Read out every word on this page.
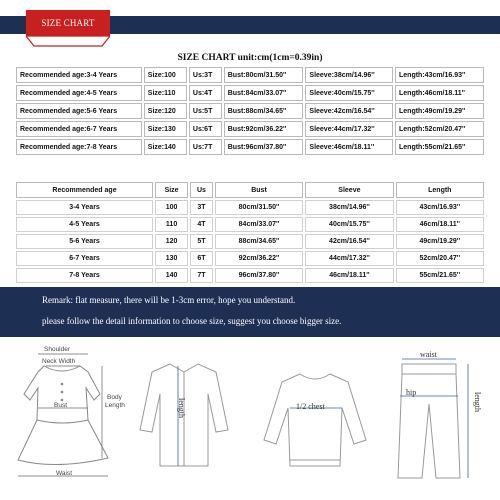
SIZE CHART
SIZE CHART unit:cm(1cm=0.39in)
Recommended age:3-4 Years	Size:100	Us:3T	Bust:80cm/31.50''	Sleeve:38cm/14.96''	Length:43cm/16.93''
Recommended age:4-5 Years	Size:110	Us:4T	Bust:84cm/33.07''	Sleeve:40cm/15.75''	Length:46cm/18.11''
Recommended age:5-6 Years	Size:120	Us:5T	Bust:88cm/34.65''	Sleeve:42cm/16.54''	Length:49cm/19.29''
Recommended age:6-7 Years	Size:130	Us:6T	Bust:92cm/36.22''	Sleeve:44cm/17.32''	Length:52cm/20.47''
Recommended age:7-8 Years	Size:140	Us:7T	Bust:96cm/37.80''	Sleeve:46cm/18.11''	Length:55cm/21.65''
Recommended age	Size	Us	Bust	Sleeve	Length
3-4 Years	100	3T	80cm/31.50''	38cm/14.96''	43cm/16.93''
4-5 Years	110	4T	84cm/33.07''	40cm/15.75''	46cm/18.11''
5-6 Years	120	5T	88cm/34.65''	42cm/16.54''	49cm/19.29''
6-7 Years	130	6T	92cm/36.22''	44cm/17.32''	52cm/20.47''
7-8 Years	140	7T	96cm/37.80''	46cm/18.11''	55cm/21.65''
Remark: flat measure, there will be 1-3cm error, hope you understand.
please follow the detail information to choose size, suggest you choose bigger size.
Shoulder
Neck Width
Bust
Waist
Body
Length	length	1/2 chest
waist
hip	length
